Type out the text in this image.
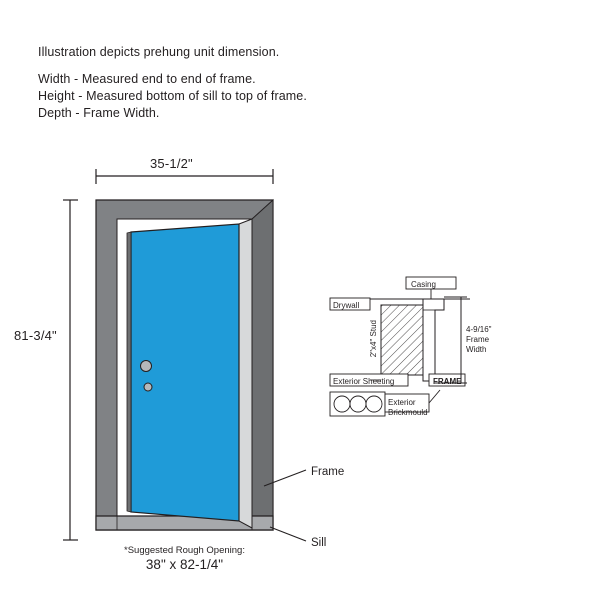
Illustration depicts prehung unit dimension.
Width - Measured end to end of frame.
Height - Measured bottom of sill to top of frame.
Depth - Frame Width.
35-1/2"
81-3/4"
Frame
Sill
*Suggested Rough Opening:
38" x 82-1/4"
Casing
Drywall
2"x4" Stud
Exterior Sheeting	FRAME
Exterior
Brickmould
4-9/16"
Frame
Width
